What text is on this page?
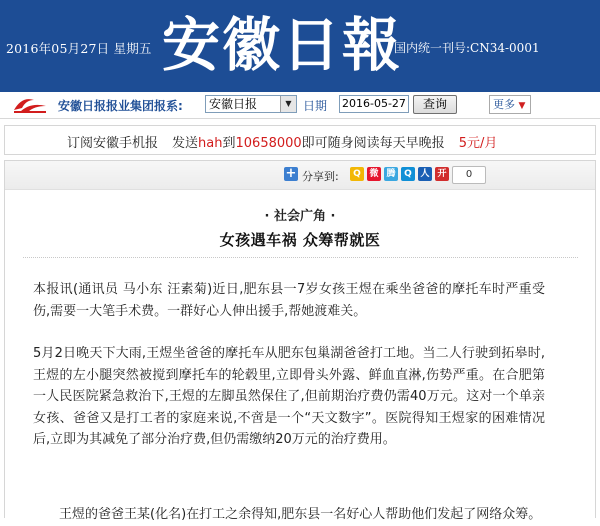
2016年05月27日 星期五 安徽日報
国内统一刊号:CN34-0001
安徽日报报业集团报系:	安徽日报	▼ 日期 2016-05-27	查询	更多 ▼
订阅安徽手机报 发送hah到10658000即可随身阅读每天早晚报 5元/月
+ 分享到:	Q 微 腾 Q 人 开	0
· 社会广角 ·
女孩遇车祸 众筹帮就医

本报讯(通讯员 马小东 汪素菊)近日,肥东县一7岁女孩王煜在乘坐爸爸的摩托车时严重受伤,需要一大笔手术费。一群好心人伸出援手,帮她渡难关。

5月2日晚天下大雨,王煜坐爸爸的摩托车从肥东包巢湖爸爸打工地。当二人行驶到拓皋时,王煜的左小腿突然被搅到摩托车的轮毂里,立即骨头外露、鲜血直淋,伤势严重。在合肥第一人民医院紧急救治下,王煜的左脚虽然保住了,但前期治疗费仍需40万元。这对一个单亲女孩、爸爸又是打工者的家庭来说,不啻是一个“天文数字”。医院得知王煜家的困难情况后,立即为其减免了部分治疗费,但仍需缴纳20万元的治疗费用。

王煜的爸爸王某(化名)在打工之余得知,肥东县一名好心人帮助他们发起了网络众筹。
